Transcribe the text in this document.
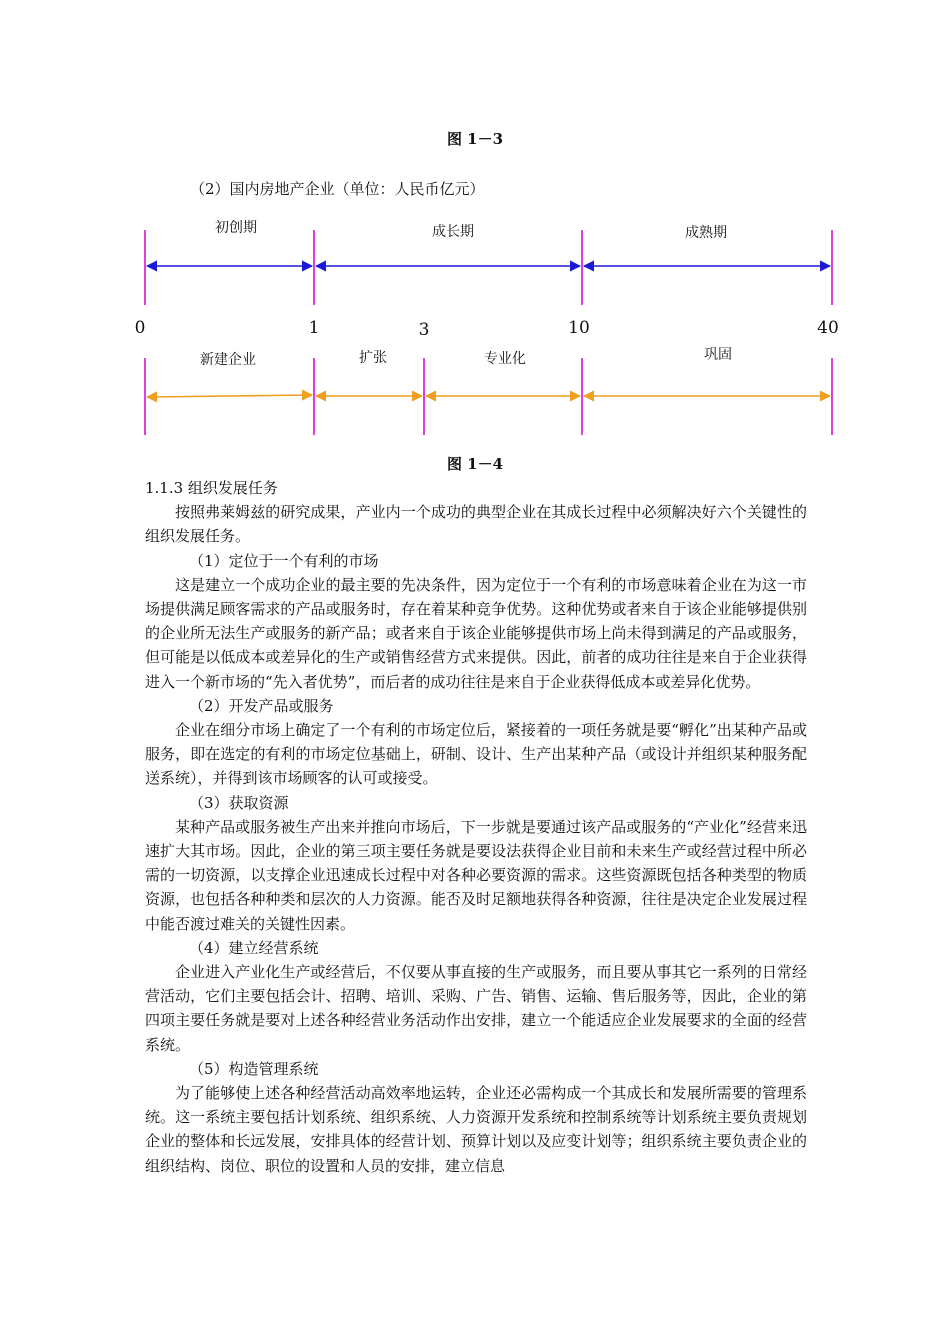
图 1－3
（2）国内房地产企业（单位：人民币亿元）
初创期	成长期	成熟期
0	1	3	10	40
新建企业	扩张	专业化	巩固
图 1－4

1.1.3 组织发展任务

按照弗莱姆兹的研究成果，产业内一个成功的典型企业在其成长过程中必须解决好六个关键性的组织发展任务。

（1）定位于一个有利的市场

这是建立一个成功企业的最主要的先决条件，因为定位于一个有利的市场意味着企业在为这一市场提供满足顾客需求的产品或服务时，存在着某种竞争优势。这种优势或者来自于该企业能够提供别的企业所无法生产或服务的新产品；或者来自于该企业能够提供市场上尚未得到满足的产品或服务，但可能是以低成本或差异化的生产或销售经营方式来提供。因此，前者的成功往往是来自于企业获得进入一个新市场的“先入者优势”，而后者的成功往往是来自于企业获得低成本或差异化优势。

（2）开发产品或服务

企业在细分市场上确定了一个有利的市场定位后，紧接着的一项任务就是要“孵化”出某种产品或服务，即在选定的有利的市场定位基础上，研制、设计、生产出某种产品（或设计并组织某种服务配送系统），并得到该市场顾客的认可或接受。

（3）获取资源

某种产品或服务被生产出来并推向市场后，下一步就是要通过该产品或服务的“产业化”经营来迅速扩大其市场。因此，企业的第三项主要任务就是要设法获得企业目前和未来生产或经营过程中所必需的一切资源，以支撑企业迅速成长过程中对各种必要资源的需求。这些资源既包括各种类型的物质资源，也包括各种种类和层次的人力资源。能否及时足额地获得各种资源，往往是决定企业发展过程中能否渡过难关的关键性因素。

（4）建立经营系统

企业进入产业化生产或经营后，不仅要从事直接的生产或服务，而且要从事其它一系列的日常经营活动，它们主要包括会计、招聘、培训、采购、广告、销售、运输、售后服务等，因此，企业的第四项主要任务就是要对上述各种经营业务活动作出安排，建立一个能适应企业发展要求的全面的经营系统。

（5）构造管理系统

为了能够使上述各种经营活动高效率地运转，企业还必需构成一个其成长和发展所需要的管理系统。这一系统主要包括计划系统、组织系统、人力资源开发系统和控制系统等计划系统主要负责规划企业的整体和长远发展，安排具体的经营计划、预算计划以及应变计划等；组织系统主要负责企业的组织结构、岗位、职位的设置和人员的安排，建立信息
